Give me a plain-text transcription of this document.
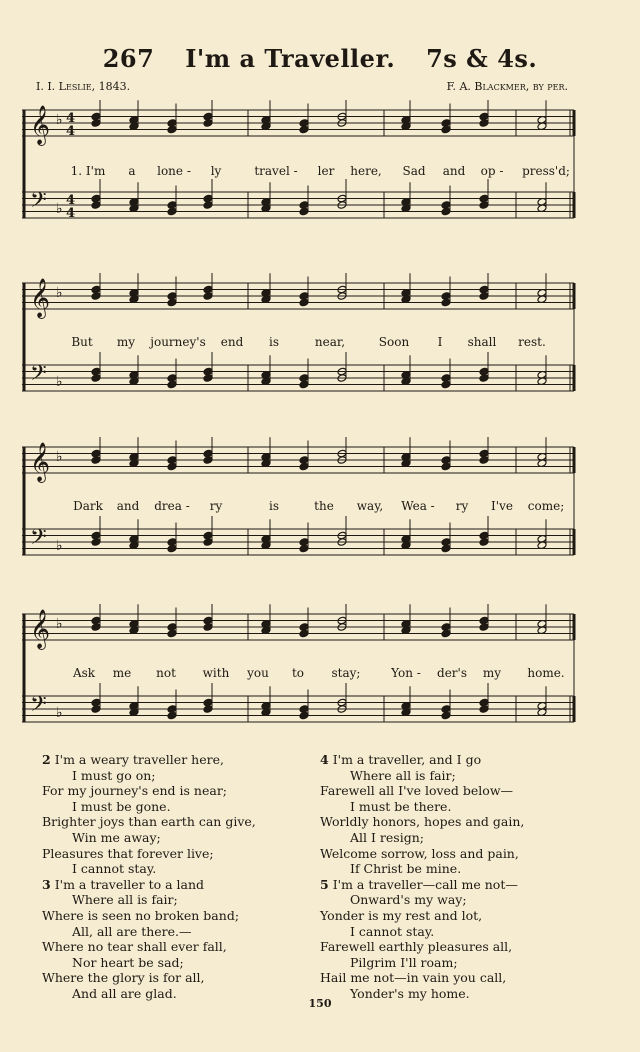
267 I'm a Traveller. 7s & 4s.
I. I. Leslie, 1843.	F. A. Blackmer, by per.
𝄞 ♭
𝄢 ♭
4
4
4
4
1. I'm a lone - ly	travel - ler here, Sad and op - press'd;
𝄞 ♭
𝄢 ♭
But my journey's end is	near,	Soon I shall rest.
𝄞 ♭
𝄢 ♭
Dark and drea - ry	is	the way, Wea - ry I've come;
𝄞 ♭
𝄢 ♭
Ask me not with you to stay;	Yon - der's my home.
2 I'm a weary traveller here,
I must go on;
For my journey's end is near;
I must be gone.
Brighter joys than earth can give,
Win me away;
Pleasures that forever live;
I cannot stay.
3 I'm a traveller to a land
Where all is fair;
Where is seen no broken band;
All, all are there.—
Where no tear shall ever fall,
Nor heart be sad;
Where the glory is for all,
And all are glad.
4 I'm a traveller, and I go
Where all is fair;
Farewell all I've loved below—
I must be there.
Worldly honors, hopes and gain,
All I resign;
Welcome sorrow, loss and pain,
If Christ be mine.
5 I'm a traveller—call me not—
Onward's my way;
Yonder is my rest and lot,
I cannot stay.
Farewell earthly pleasures all,
Pilgrim I'll roam;
Hail me not—in vain you call,
Yonder's my home.
150
